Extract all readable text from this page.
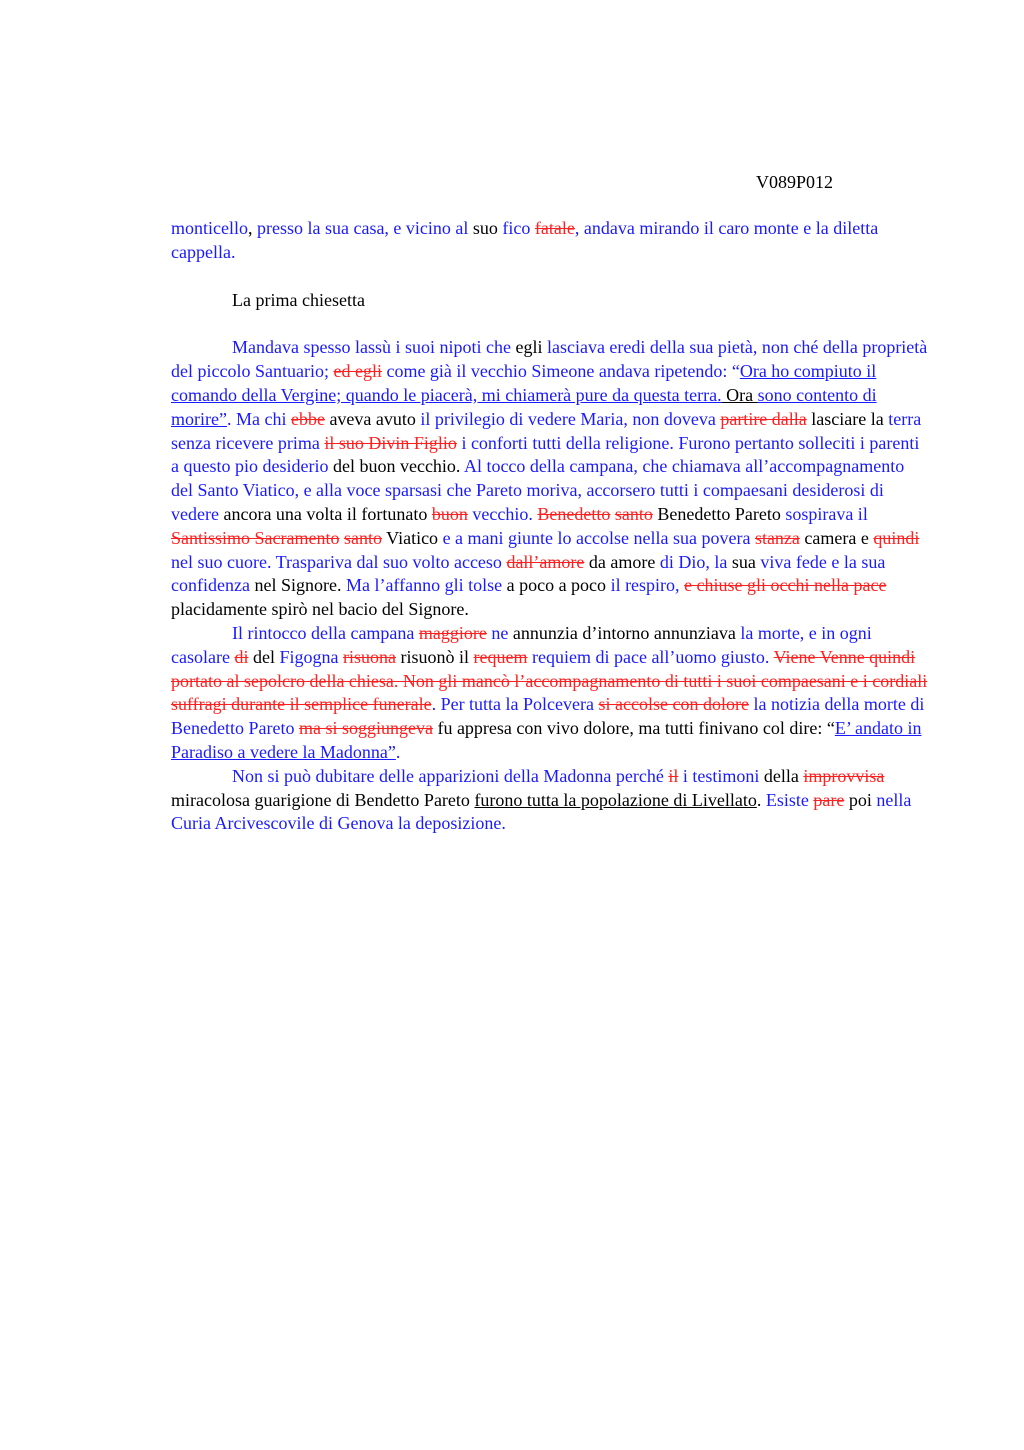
V089P012

monticello, presso la sua casa, e vicino al suo fico fatale, andava mirando il caro monte e la diletta cappella.

La prima chiesetta

Mandava spesso lassù i suoi nipoti che egli lasciava eredi della sua pietà, non ché della proprietà del piccolo Santuario; ed egli come già il vecchio Simeone andava ripetendo: “Ora ho compiuto il comando della Vergine; quando le piacerà, mi chiamerà pure da questa terra. Ora sono contento di morire”. Ma chi ebbe aveva avuto il privilegio di vedere Maria, non doveva partire dalla lasciare la terra senza ricevere prima il suo Divin Figlio i conforti tutti della religione. Furono pertanto solleciti i parenti a questo pio desiderio del buon vecchio. Al tocco della campana, che chiamava all’accompagnamento del Santo Viatico, e alla voce sparsasi che Pareto moriva, accorsero tutti i compaesani desiderosi di vedere ancora una volta il fortunato buon vecchio. Benedetto santo Benedetto Pareto sospirava il Santissimo Sacramento santo Viatico e a mani giunte lo accolse nella sua povera stanza camera e quindi nel suo cuore. Traspariva dal suo volto acceso dall’amore da amore di Dio, la sua viva fede e la sua confidenza nel Signore. Ma l’affanno gli tolse a poco a poco il respiro, e chiuse gli occhi nella pace placidamente spirò nel bacio del Signore.

Il rintocco della campana maggiore ne annunzia d’intorno annunziava la morte, e in ogni casolare di del Figogna risuona risuonò il requem requiem di pace all’uomo giusto. Viene Venne quindi portato al sepolcro della chiesa. Non gli mancò l’accompagnamento di tutti i suoi compaesani e i cordiali suffragi durante il semplice funerale. Per tutta la Polcevera si accolse con dolore la notizia della morte di Benedetto Pareto ma si soggiungeva fu appresa con vivo dolore, ma tutti finivano col dire: “E’ andato in Paradiso a vedere la Madonna”.

Non si può dubitare delle apparizioni della Madonna perché il i testimoni della improvvisa miracolosa guarigione di Bendetto Pareto furono tutta la popolazione di Livellato. Esiste pare poi nella Curia Arcivescovile di Genova la deposizione.
